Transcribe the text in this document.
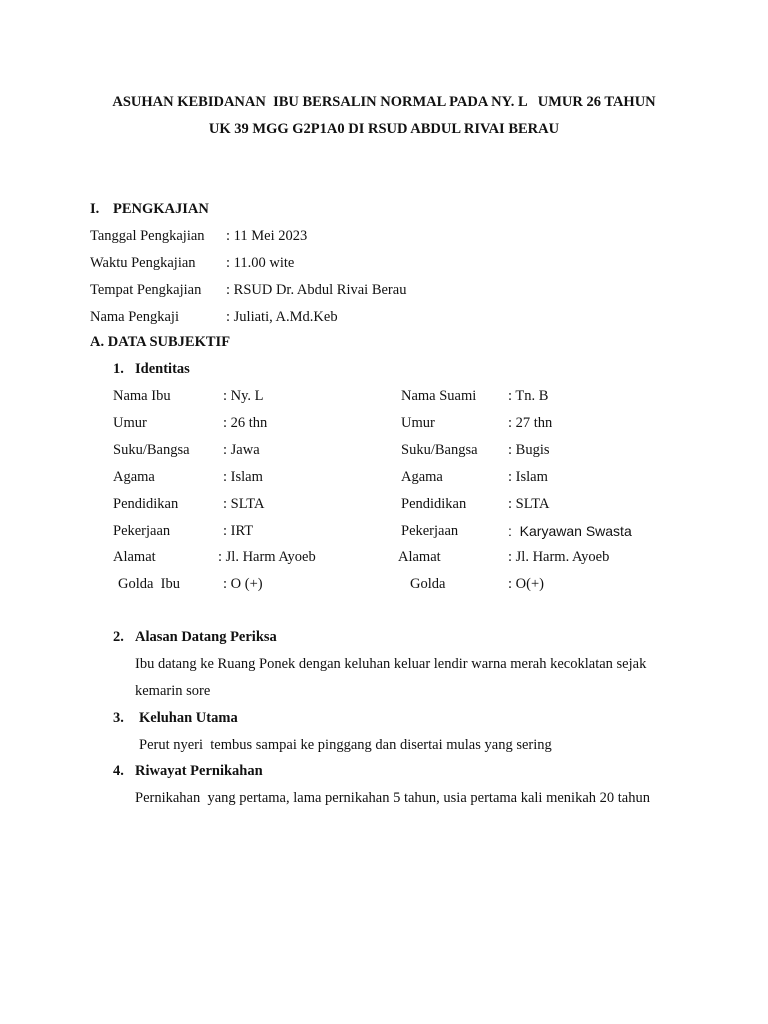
ASUHAN KEBIDANAN  IBU BERSALIN NORMAL PADA NY. L   UMUR 26 TAHUN
UK 39 MGG G2P1A0 DI RSUD ABDUL RIVAI BERAU
I. PENGKAJIAN
Tanggal Pengkajian : 11 Mei 2023
Waktu Pengkajian : 11.00 wite
Tempat Pengkajian : RSUD Dr. Abdul Rivai Berau
Nama Pengkaji	: Juliati, A.Md.Keb
A. DATA SUBJEKTIF
1. Identitas
Nama Ibu	: Ny. L	Nama Suami : Tn. B
Umur	: 26 thn	Umur	: 27 thn
Suku/Bangsa : Jawa	Suku/Bangsa : Bugis
Agama	: Islam	Agama	: Islam
Pendidikan	: SLTA	Pendidikan	: SLTA
Pekerjaan	: IRT	Pekerjaan	:  Karyawan Swasta
Alamat	: Jl. Harm Ayoeb	Alamat	: Jl. Harm. Ayoeb
Golda  Ibu	: O (+)	Golda	: O(+)
2. Alasan Datang Periksa
Ibu datang ke Ruang Ponek dengan keluhan keluar lendir warna merah kecoklatan sejak
kemarin sore
3. Keluhan Utama
Perut nyeri  tembus sampai ke pinggang dan disertai mulas yang sering
4. Riwayat Pernikahan
Pernikahan  yang pertama, lama pernikahan 5 tahun, usia pertama kali menikah 20 tahun
